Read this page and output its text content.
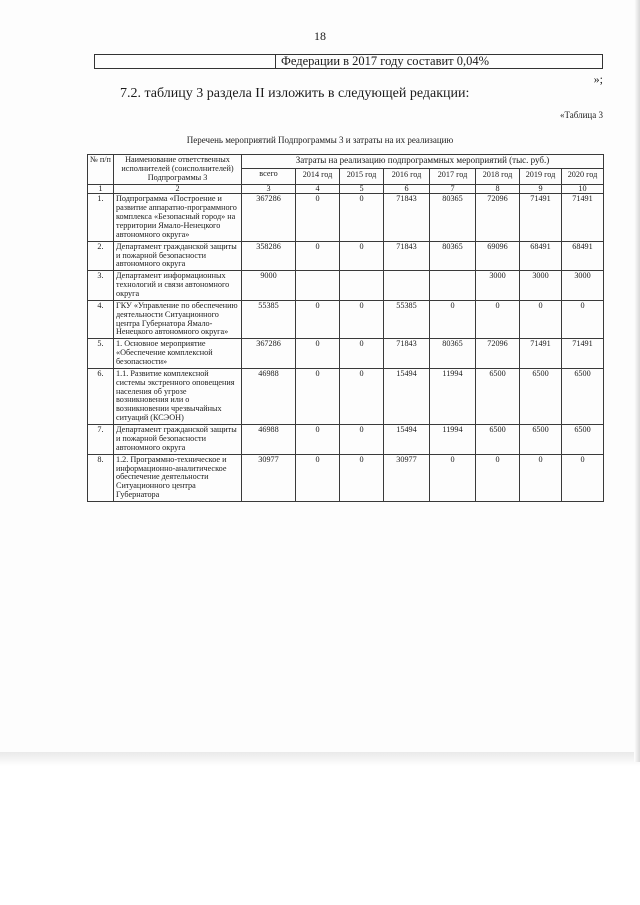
18
Федерации в 2017 году составит 0,04%
»;
7.2. таблицу 3 раздела II изложить в следующей редакции:
«Таблица 3
Перечень мероприятий Подпрограммы 3 и затраты на их реализацию
№ п/п	Наименование ответственных исполнителей (соисполнителей) Подпрограммы 3	Затраты на реализацию подпрограммных мероприятий (тыс. руб.)							
		всего	2014 год	2015 год	2016 год	2017 год	2018 год	2019 год	2020 год
1	2	3	4	5	6	7	8	9	10
1.	Подпрограмма «Построение и развитие аппаратно-программного комплекса «Безопасный город» на территории Ямало-Ненецкого автономного округа»	367286	0	0	71843	80365	72096	71491	71491
2.	Департамент гражданской защиты и пожарной безопасности автономного округа	358286	0	0	71843	80365	69096	68491	68491
3.	Департамент информационных технологий и связи автономного округа	9000					3000	3000	3000
4.	ГКУ «Управление по обеспечению деятельности Ситуационного центра Губернатора Ямало-Ненецкого автономного округа»	55385	0	0	55385	0	0	0	0
5.	1. Основное мероприятие «Обеспечение комплексной безопасности»	367286	0	0	71843	80365	72096	71491	71491
6.	1.1. Развитие комплексной системы экстренного оповещения населения об угрозе возникновения или о возникновении чрезвычайных ситуаций (КСЭОН)	46988	0	0	15494	11994	6500	6500	6500
7.	Департамент гражданской защиты и пожарной безопасности автономного округа	46988	0	0	15494	11994	6500	6500	6500
8.	1.2. Программно-техническое и информационно-аналитическое обеспечение деятельности Ситуационного центра Губернатора	30977	0	0	30977	0	0	0	0
